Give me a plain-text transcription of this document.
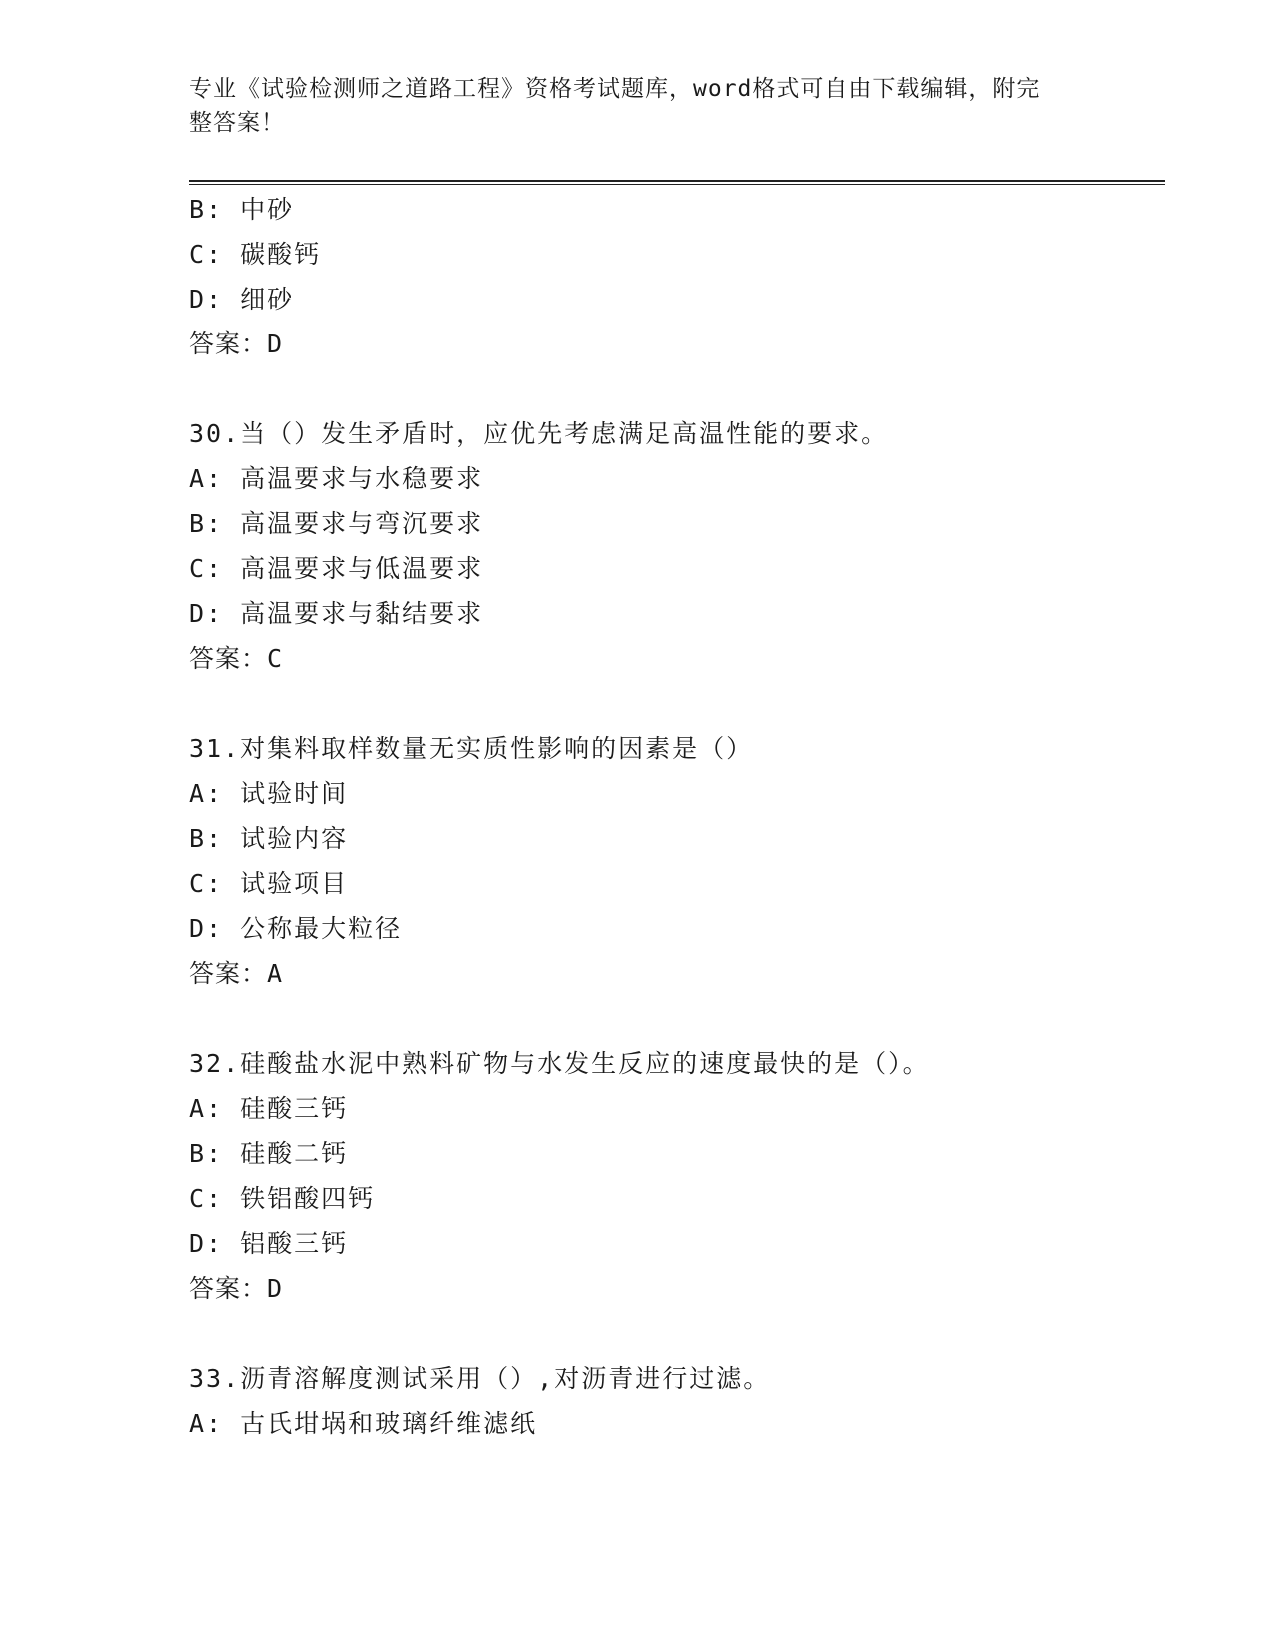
专业《试验检测师之道路工程》资格考试题库，word格式可自由下载编辑，附完
整答案！
B: 中砂
C: 碳酸钙
D: 细砂
答案：D
30.当（）发生矛盾时，应优先考虑满足高温性能的要求。
A: 高温要求与水稳要求
B: 高温要求与弯沉要求
C: 高温要求与低温要求
D: 高温要求与黏结要求
答案：C
31.对集料取样数量无实质性影响的因素是（）
A: 试验时间
B: 试验内容
C: 试验项目
D: 公称最大粒径
答案：A
32.硅酸盐水泥中熟料矿物与水发生反应的速度最快的是（）。
A: 硅酸三钙
B: 硅酸二钙
C: 铁铝酸四钙
D: 铝酸三钙
答案：D
33.沥青溶解度测试采用（）,对沥青进行过滤。
A: 古氏坩埚和玻璃纤维滤纸
